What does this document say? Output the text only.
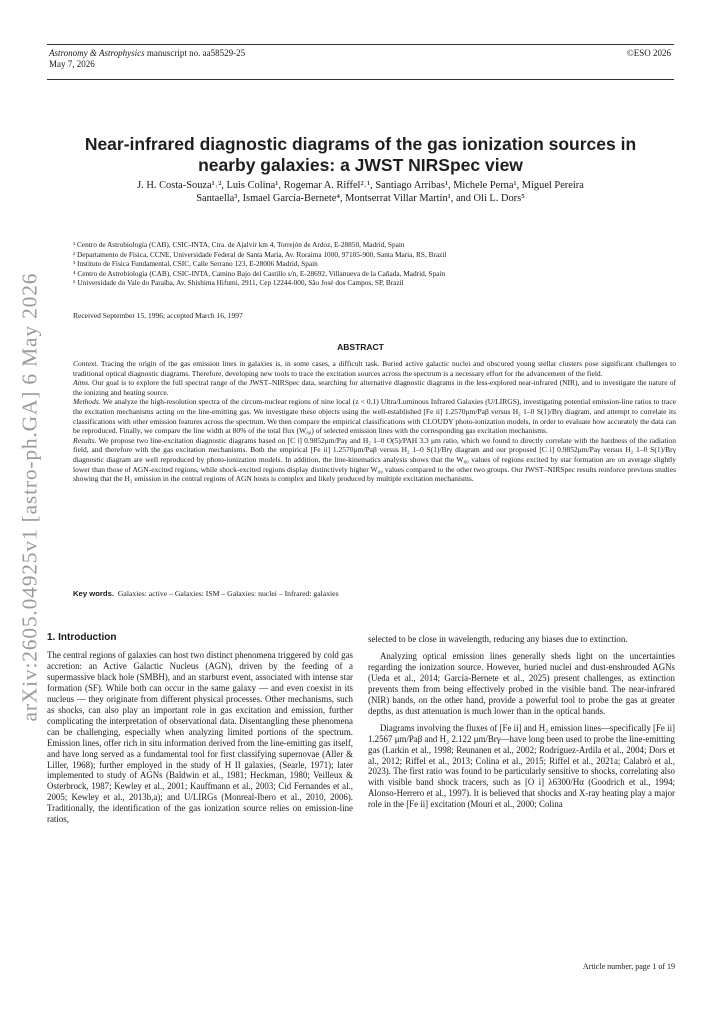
Astronomy & Astrophysics manuscript no. aa58529-25
May 7, 2026
©ESO 2026
arXiv:2605.04925v1 [astro-ph.GA] 6 May 2026
Near-infrared diagnostic diagrams of the gas ionization sources in
nearby galaxies: a JWST NIRSpec view
J. H. Costa-Souza¹˒², Luis Colina¹, Rogemar A. Riffel²˒¹, Santiago Arribas¹, Michele Perna¹, Miguel Pereira
Santaella³, Ismael García-Bernete⁴, Montserrat Villar Martín¹, and Oli L. Dors⁵
¹ Centro de Astrobiología (CAB), CSIC-INTA, Ctra. de Ajalvir km 4, Torrejón de Ardoz, E-28850, Madrid, Spain
² Departamento de Física, CCNE, Universidade Federal de Santa Maria, Av. Roraima 1000, 97105-900, Santa Maria, RS, Brazil
³ Instituto de Física Fundamental, CSIC, Calle Serrano 123, E-28006 Madrid, Spain
⁴ Centro de Astrobiología (CAB), CSIC-INTA, Camino Bajo del Castillo s/n, E-28692, Villanueva de la Cañada, Madrid, Spain
⁵ Universidade do Vale do Paraíba, Av. Shishima Hifumi, 2911, Cep 12244-000, São José dos Campos, SP, Brazil
Received September 15, 1996; accepted March 16, 1997
ABSTRACT

Context. Tracing the origin of the gas emission lines in galaxies is, in some cases, a difficult task. Buried active galactic nuclei and obscured young stellar clusters pose significant challenges to traditional optical diagnostic diagrams. Therefore, developing new tools to trace the excitation sources across the spectrum is a necessary effort for the advancement of the field.

Aims. Our goal is to explore the full spectral range of the JWST–NIRSpec data, searching for alternative diagnostic diagrams in the less-explored near-infrared (NIR), and to investigate the nature of the ionizing and heating source.

Methods. We analyze the high-resolution spectra of the circum-nuclear regions of nine local (z < 0.1) Ultra/Luminous Infrared Galaxies (U/LIRGS), investigating potential emission-line ratios to trace the excitation mechanisms acting on the line-emitting gas. We investigate these objects using the well-established [Fe ii] 1.2570μm/Paβ versus H₂ 1–0 S(1)/Brγ diagram, and attempt to correlate its classifications with other emission features across the spectrum. We then compare the empirical classifications with CLOUDY photo-ionization models, in order to evaluate how accurately the data can be reproduced. Finally, we compare the line width at 80% of the total flux (W₈₀) of selected emission lines with the corresponding gas excitation mechanisms.

Results. We propose two line-excitation diagnostic diagrams based on [C i] 0.9852μm/Paγ and H₂ 1–0 O(5)/PAH 3.3 μm ratio, which we found to directly correlate with the hardness of the radiation field, and therefore with the gas excitation mechanisms. Both the empirical [Fe ii] 1.2570μm/Paβ versus H₂ 1–0 S(1)/Brγ diagram and our proposed [C i] 0.9852μm/Paγ versus H₂ 1–0 S(1)/Brγ diagnostic diagram are well reproduced by photo-ionization models. In addition, the line-kinematics analysis shows that the W₈₀ values of regions excited by star formation are on average slightly lower than those of AGN-excited regions, while shock-excited regions display distinctively higher W₈₀ values compared to the other two groups. Our JWST–NIRSpec results reinforce previous studies showing that the H₂ emission in the central regions of AGN hosts is complex and likely produced by multiple excitation mechanisms.

Key words. Galaxies: active – Galaxies: ISM – Galaxies: nuclei – Infrared: galaxies
1. Introduction

The central regions of galaxies can host two distinct phenomena triggered by cold gas accretion: an Active Galactic Nucleus (AGN), driven by the feeding of a supermassive black hole (SMBH), and an starburst event, associated with intense star formation (SF). While both can occur in the same galaxy — and even coexist in its nucleus — they originate from different physical processes. Other mechanisms, such as shocks, can also play an important role in gas excitation and emission, further complicating the interpretation of observational data. Disentangling these phenomena can be challenging, especially when analyzing limited portions of the spectrum. Emission lines, offer rich in situ information derived from the line-emitting gas itself, and have long served as a fundamental tool for first classifying supernovae (Aller & Liller, 1968); further employed in the study of H II galaxies, (Searle, 1971); later implemented to study of AGNs (Baldwin et al., 1981; Heckman, 1980; Veilleux & Osterbrock, 1987; Kewley et al., 2001; Kauffmann et al., 2003; Cid Fernandes et al., 2005; Kewley et al., 2013b,a); and U/LIRGs (Monreal-Ibero et al., 2010, 2006). Traditionally, the identification of the gas ionization source relies on emission-line ratios,

selected to be close in wavelength, reducing any biases due to extinction.

Analyzing optical emission lines generally sheds light on the uncertainties regarding the ionization source. However, buried nuclei and dust-enshrouded AGNs (Ueda et al., 2014; García-Bernete et al., 2025) present challenges, as extinction prevents them from being effectively probed in the visible band. The near-infrared (NIR) bands, on the other hand, provide a powerful tool to probe the gas at greater depths, as dust attenuation is much lower than in the optical bands.

Diagrams involving the fluxes of [Fe ii] and H₂ emission lines—specifically [Fe ii] 1.2567 μm/Paβ and H₂ 2.122 μm/Brγ—have long been used to probe the line-emitting gas (Larkin et al., 1998; Reunanen et al., 2002; Rodríguez-Ardila et al., 2004; Dors et al., 2012; Riffel et al., 2013; Colina et al., 2015; Riffel et al., 2021a; Calabrò et al., 2023). The first ratio was found to be particularly sensitive to shocks, correlating also with visible band shock tracers, such as [O i] λ6300/Hα (Goodrich et al., 1994; Alonso-Herrero et al., 1997). It is believed that shocks and X-ray heating play a major role in the [Fe ii] excitation (Mouri et al., 2000; Colina

Article number, page 1 of 19
